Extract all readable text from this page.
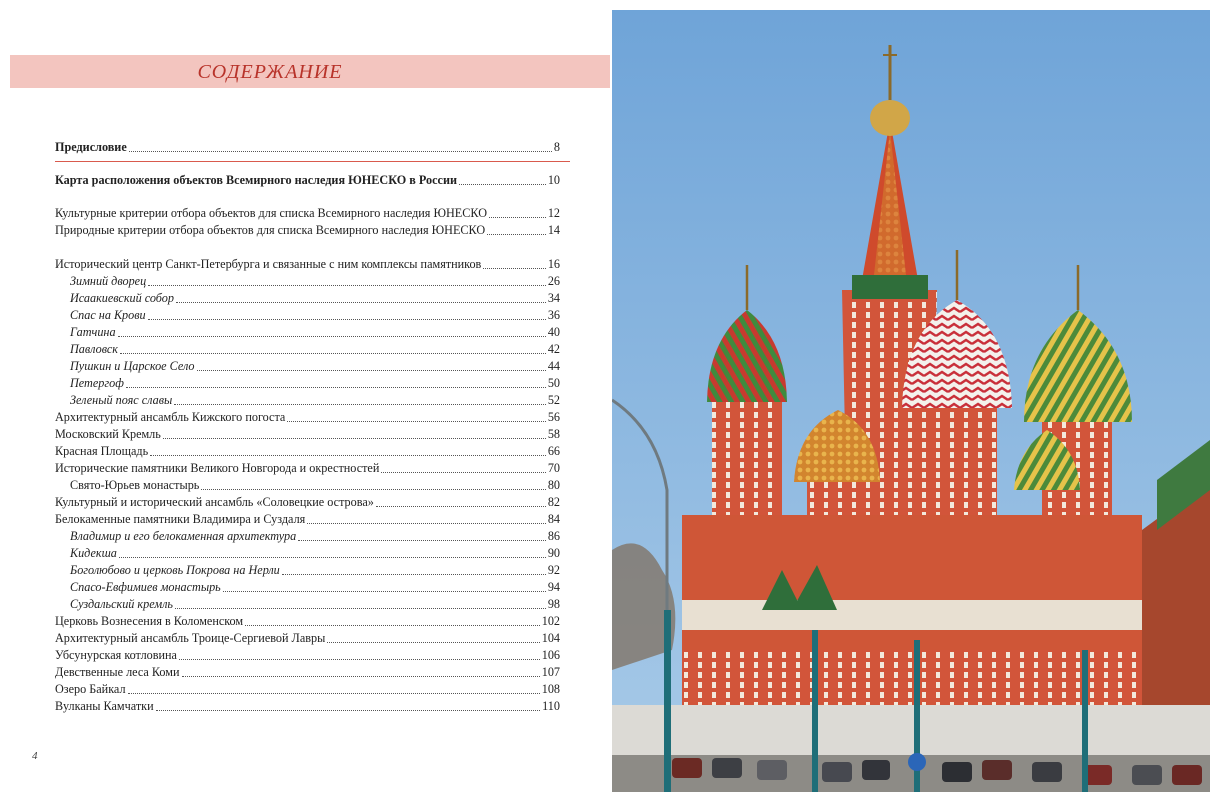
СОДЕРЖАНИЕ
Предисловие	8
Карта расположения объектов Всемирного наследия ЮНЕСКО в России	10
Культурные критерии отбора объектов для списка Всемирного наследия ЮНЕСКО	12
Природные критерии отбора объектов для списка Всемирного наследия ЮНЕСКО	14
Исторический центр Санкт-Петербурга и связанные с ним комплексы памятников	16
Зимний дворец	26
Исаакиевский собор	34
Спас на Крови	36
Гатчина	40
Павловск	42
Пушкин и Царское Село	44
Петергоф	50
Зеленый пояс славы	52
Архитектурный ансамбль Кижского погоста	56
Московский Кремль	58
Красная Площадь	66
Исторические памятники Великого Новгорода и окрестностей	70
Свято-Юрьев монастырь	80
Культурный и исторический ансамбль «Соловецкие острова»	82
Белокаменные памятники Владимира и Суздаля	84
Владимир и его белокаменная архитектура	86
Кидекша	90
Боголюбово и церковь Покрова на Нерли	92
Спасо-Евфимиев монастырь	94
Суздальский кремль	98
Церковь Вознесения в Коломенском	102
Архитектурный ансамбль Троице-Сергиевой Лавры	104
Убсунурская котловина	106
Девственные леса Коми	107
Озеро Байкал	108
Вулканы Камчатки	110
4
